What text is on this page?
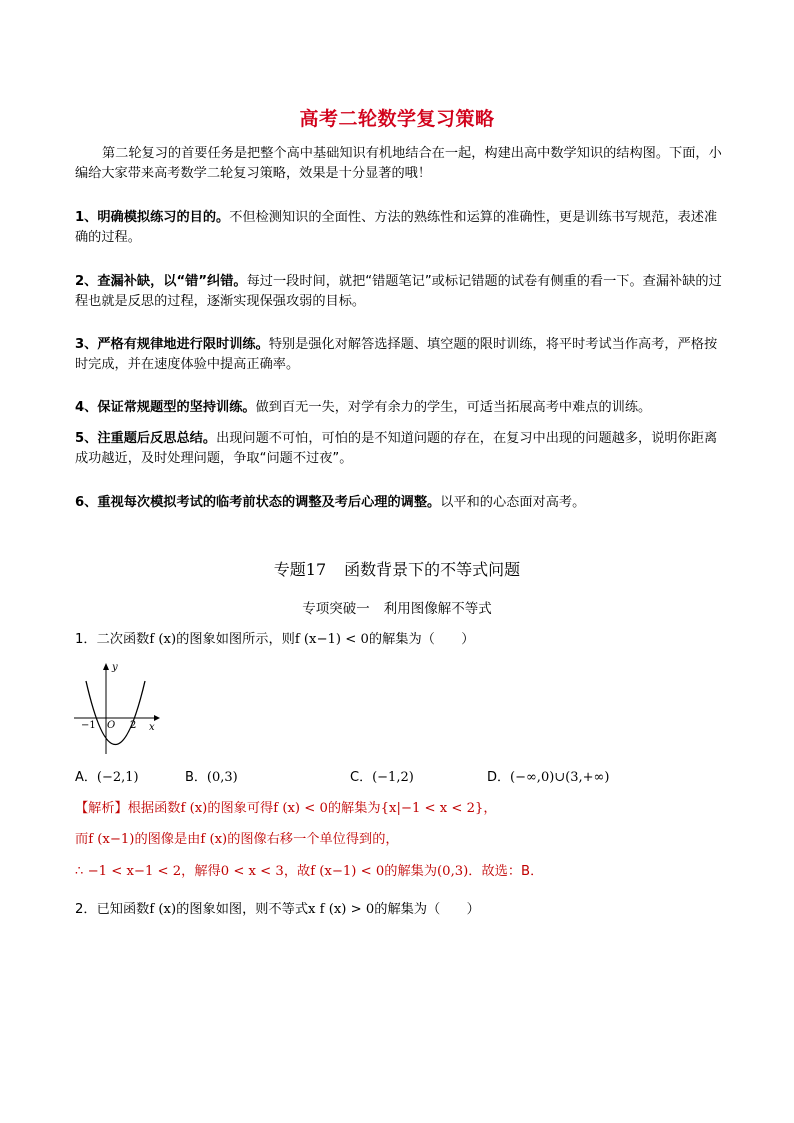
高考二轮数学复习策略
第二轮复习的首要任务是把整个高中基础知识有机地结合在一起，构建出高中数学知识的结构图。下面，小编给大家带来高考数学二轮复习策略，效果是十分显著的哦！
1、明确模拟练习的目的。不但检测知识的全面性、方法的熟练性和运算的准确性，更是训练书写规范，表述准确的过程。
2、查漏补缺，以“错”纠错。每过一段时间，就把“错题笔记”或标记错题的试卷有侧重的看一下。查漏补缺的过程也就是反思的过程，逐渐实现保强攻弱的目标。
3、严格有规律地进行限时训练。特别是强化对解答选择题、填空题的限时训练，将平时考试当作高考，严格按时完成，并在速度体验中提高正确率。
4、保证常规题型的坚持训练。做到百无一失，对学有余力的学生，可适当拓展高考中难点的训练。
5、注重题后反思总结。出现问题不可怕，可怕的是不知道问题的存在，在复习中出现的问题越多，说明你距离成功越近，及时处理问题，争取“问题不过夜”。
6、重视每次模拟考试的临考前状态的调整及考后心理的调整。以平和的心态面对高考。
专题17 函数背景下的不等式问题
专项突破一 利用图像解不等式
1．二次函数f (x)的图象如图所示，则f (x−1) < 0的解集为（　　）
y
x
O
−1	2
A．(−2,1)	B．(0,3)	C．(−1,2)	D．(−∞,0)∪(3,+∞)
【解析】根据函数f (x)的图象可得f (x) < 0的解集为{x|−1 < x < 2}，
而f (x−1)的图像是由f (x)的图像右移一个单位得到的，
∴ −1 < x−1 < 2，解得0 < x < 3，故f (x−1) < 0的解集为(0,3)．故选：B．
2．已知函数f (x)的图象如图，则不等式x f (x) > 0的解集为（　　）
